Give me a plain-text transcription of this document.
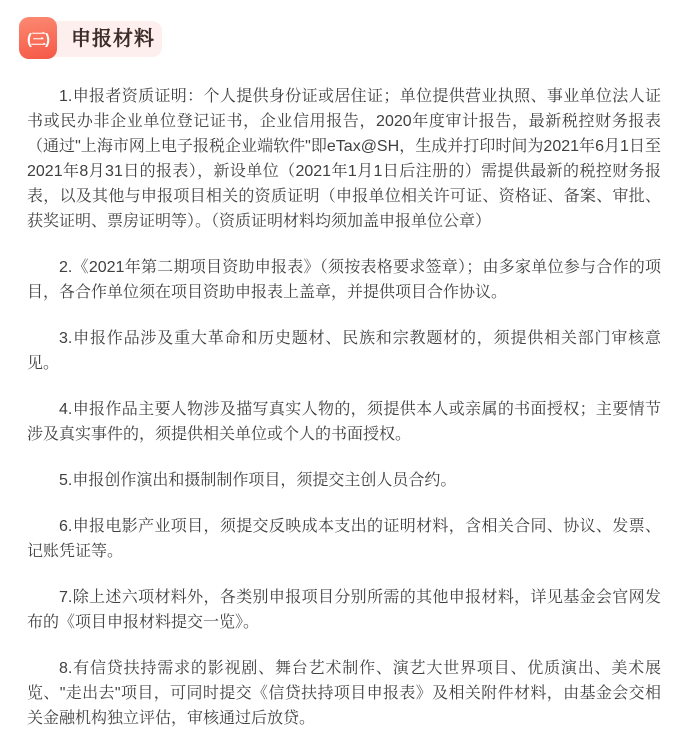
(三) 申报材料

1.申报者资质证明：个人提供身份证或居住证；单位提供营业执照、事业单位法人证书或民办非企业单位登记证书，企业信用报告，2020年度审计报告，最新税控财务报表（通过"上海市网上电子报税企业端软件"即eTax@SH，生成并打印时间为2021年6月1日至2021年8月31日的报表），新设单位（2021年1月1日后注册的）需提供最新的税控财务报表，以及其他与申报项目相关的资质证明（申报单位相关许可证、资格证、备案、审批、获奖证明、票房证明等）。（资质证明材料均须加盖申报单位公章）

2.《2021年第二期项目资助申报表》（须按表格要求签章）；由多家单位参与合作的项目，各合作单位须在项目资助申报表上盖章，并提供项目合作协议。

3.申报作品涉及重大革命和历史题材、民族和宗教题材的，须提供相关部门审核意见。

4.申报作品主要人物涉及描写真实人物的，须提供本人或亲属的书面授权；主要情节涉及真实事件的，须提供相关单位或个人的书面授权。

5.申报创作演出和摄制制作项目，须提交主创人员合约。

6.申报电影产业项目，须提交反映成本支出的证明材料，含相关合同、协议、发票、记账凭证等。

7.除上述六项材料外，各类别申报项目分别所需的其他申报材料，详见基金会官网发布的《项目申报材料提交一览》。

8.有信贷扶持需求的影视剧、舞台艺术制作、演艺大世界项目、优质演出、美术展览、"走出去"项目，可同时提交《信贷扶持项目申报表》及相关附件材料，由基金会交相关金融机构独立评估，审核通过后放贷。
